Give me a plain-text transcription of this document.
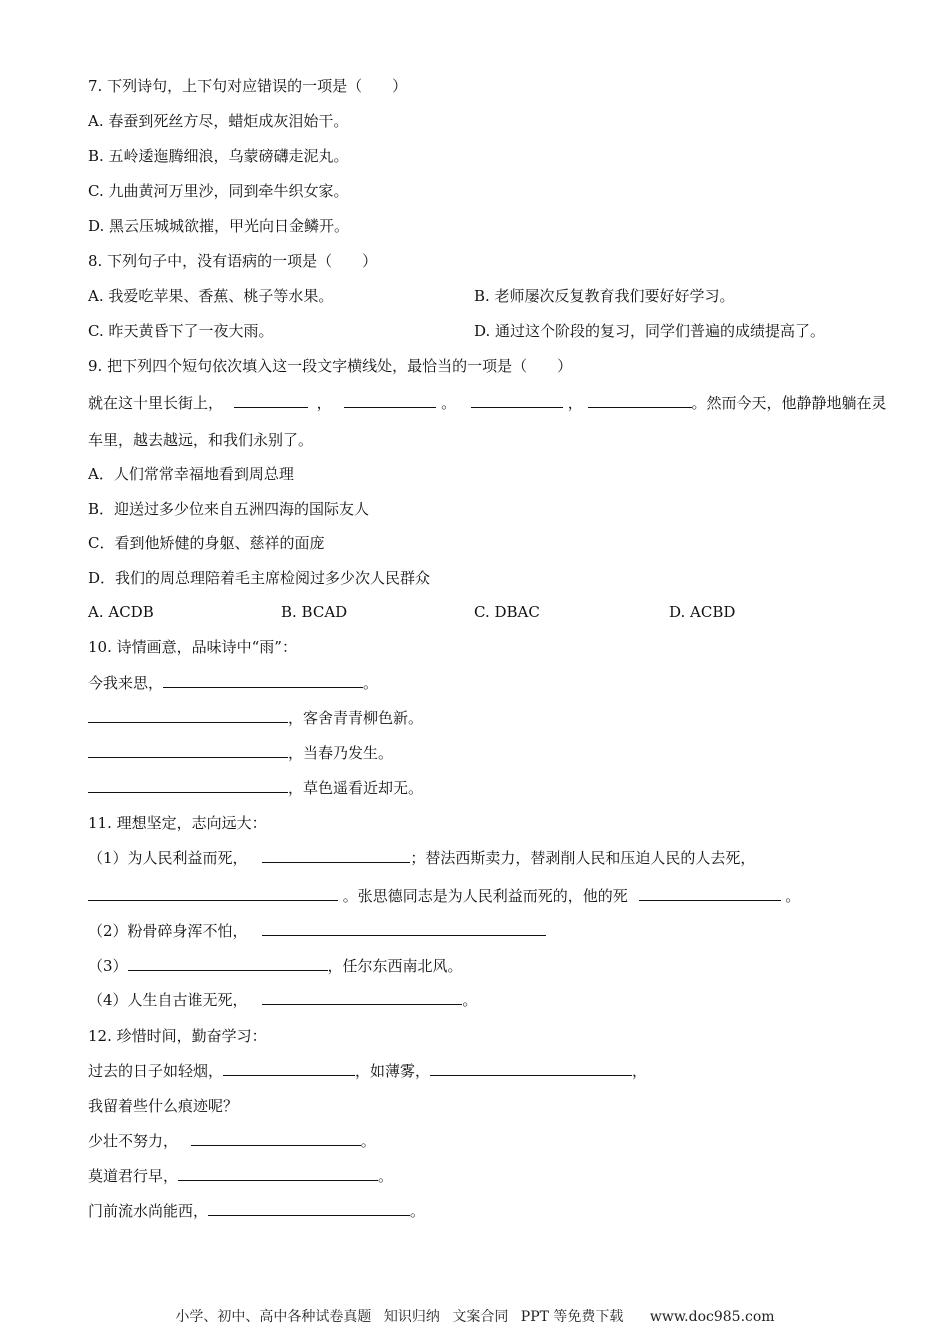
7. 下列诗句，上下句对应错误的一项是（　　）
A. 春蚕到死丝方尽，蜡炬成灰泪始干。
B. 五岭逶迤腾细浪，乌蒙磅礴走泥丸。
C. 九曲黄河万里沙，同到牵牛织女家。
D. 黑云压城城欲摧，甲光向日金鳞开。
8. 下列句子中，没有语病的一项是（　　）
A. 我爱吃苹果、香蕉、桃子等水果。	B. 老师屡次反复教育我们要好好学习。
C. 昨天黄昏下了一夜大雨。	D. 通过这个阶段的复习，同学们普遍的成绩提高了。
9. 把下列四个短句依次填入这一段文字横线处，最恰当的一项是（　　）
就在这十里长街上，	，	。	，	。然而今天，他静静地躺在灵
车里，越去越远，和我们永别了。
A．人们常常幸福地看到周总理
B．迎送过多少位来自五洲四海的国际友人
C．看到他矫健的身躯、慈祥的面庞
D．我们的周总理陪着毛主席检阅过多少次人民群众
A. ACDB	B. BCAD	C. DBAC	D. ACBD
10. 诗情画意，品味诗中“雨”：
今我来思，	。
，客舍青青柳色新。
，当春乃发生。
，草色遥看近却无。
11. 理想坚定，志向远大：
（1）为人民利益而死，	；替法西斯卖力，替剥削人民和压迫人民的人去死，
。张思德同志是为人民利益而死的，他的死	。
（2）粉骨碎身浑不怕，
（3）	，任尔东西南北风。
（4）人生自古谁无死，	。
12. 珍惜时间，勤奋学习：
过去的日子如轻烟，	，如薄雾，	，
我留着些什么痕迹呢？
少壮不努力，	。
莫道君行早，	。
门前流水尚能西，	。
小学、初中、高中各种试卷真题 知识归纳 文案合同 PPT 等免费下载 www.doc985.com
